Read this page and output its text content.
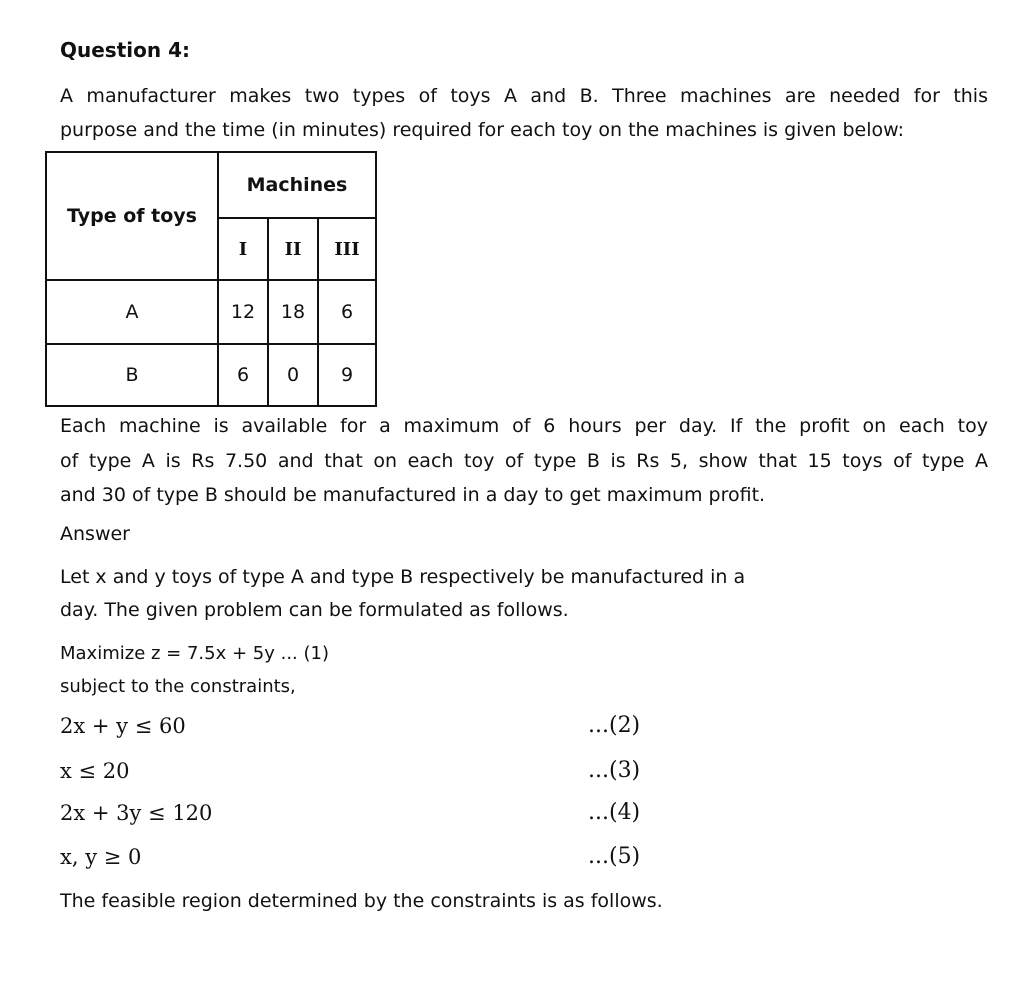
Question 4:
A manufacturer makes two types of toys A and B. Three machines are needed for this
purpose and the time (in minutes) required for each toy on the machines is given below:
Type of toys	Machines		
	I	II	III
A	12	18	6
B	6	0	9
Each machine is available for a maximum of 6 hours per day. If the profit on each toy
of type A is Rs 7.50 and that on each toy of type B is Rs 5, show that 15 toys of type A
and 30 of type B should be manufactured in a day to get maximum profit.
Answer
Let x and y toys of type A and type B respectively be manufactured in a
day. The given problem can be formulated as follows.
Maximize z = 7.5x + 5y ... (1)
subject to the constraints,
2x + y ≤ 60	...(2)
x ≤ 20	...(3)
2x + 3y ≤ 120	...(4)
x, y ≥ 0	...(5)
The feasible region determined by the constraints is as follows.
